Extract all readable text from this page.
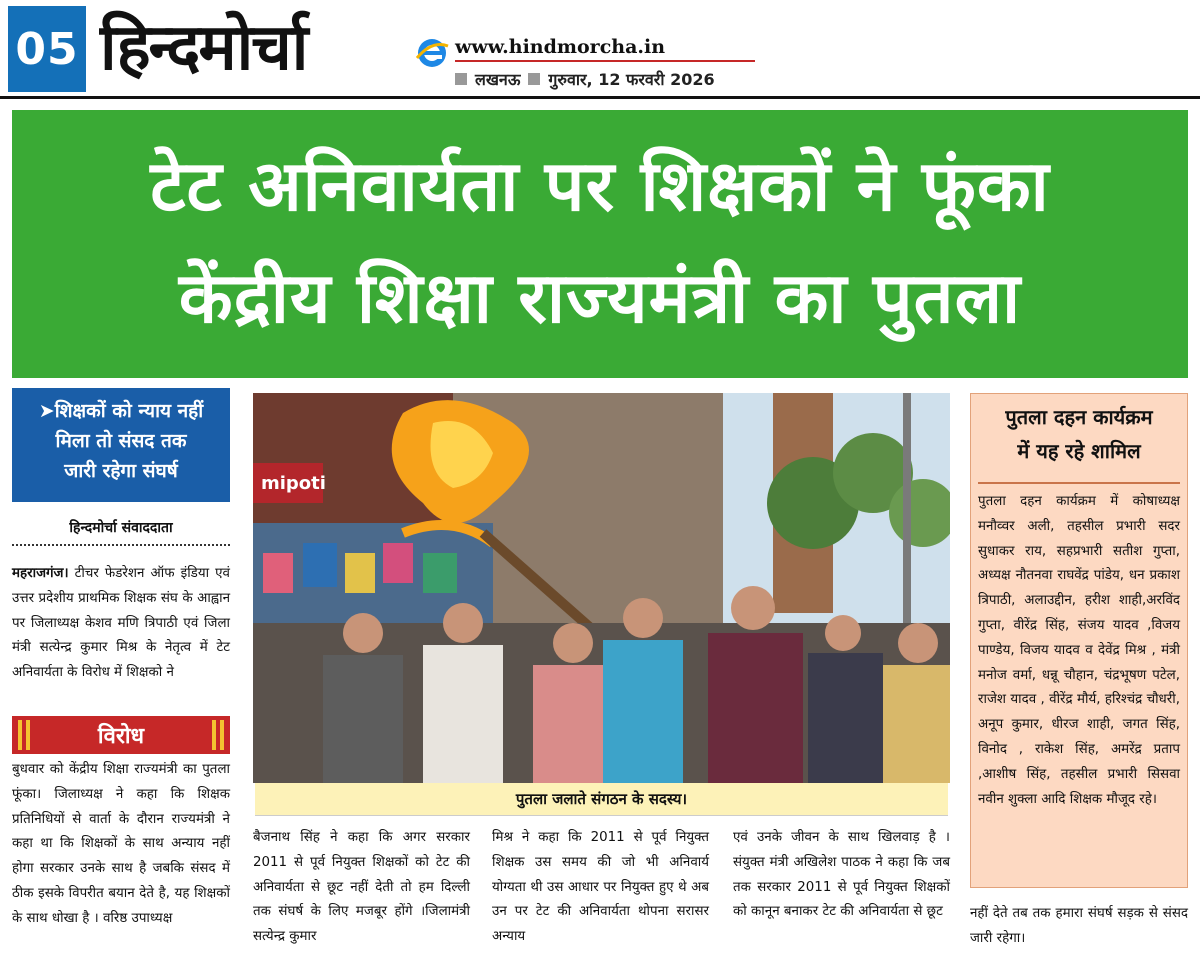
05 हिन्दमोर्चा	www.hindmorcha.in
लखनऊ गुरुवार, 12 फरवरी 2026
टेट अनिवार्यता पर शिक्षकों ने फूंका
केंद्रीय शिक्षा राज्यमंत्री का पुतला
➤शिक्षकों को न्याय नहीं
मिला तो संसद तक
जारी रहेगा संघर्ष
हिन्दमोर्चा संवाददाता
महराजगंज। टीचर फेडरेशन ऑफ इंडिया एवं उत्तर प्रदेशीय प्राथमिक शिक्षक संघ के आह्वान पर जिलाध्यक्ष केशव मणि त्रिपाठी एवं जिला मंत्री सत्येन्द्र कुमार मिश्र के नेतृत्व में टेट अनिवार्यता के विरोध में शिक्षको ने
विरोध
बुधवार को केंद्रीय शिक्षा राज्यमंत्री का पुतला फूंका। जिलाध्यक्ष ने कहा कि शिक्षक प्रतिनिधियों से वार्ता के दौरान राज्यमंत्री ने कहा था कि शिक्षकों के साथ अन्याय नहीं होगा सरकार उनके साथ है जबकि संसद में ठीक इसके विपरीत बयान देते है, यह शिक्षकों के साथ धोखा है । वरिष्ठ उपाध्यक्ष
mipoti
पुतला जलाते संगठन के सदस्य।
बैजनाथ सिंह ने कहा कि अगर सरकार 2011 से पूर्व नियुक्त शिक्षकों को टेट की अनिवार्यता से छूट नहीं देती तो हम दिल्ली तक संघर्ष के लिए मजबूर होंगे ।जिलामंत्री सत्येन्द्र कुमार
मिश्र ने कहा कि 2011 से पूर्व नियुक्त शिक्षक उस समय की जो भी अनिवार्य योग्यता थी उस आधार पर नियुक्त हुए थे अब उन पर टेट की अनिवार्यता थोपना सरासर अन्याय
एवं उनके जीवन के साथ खिलवाड़ है । संयुक्त मंत्री अखिलेश पाठक ने कहा कि जब तक सरकार 2011 से पूर्व नियुक्त शिक्षकों को कानून बनाकर टेट की अनिवार्यता से छूट
पुतला दहन कार्यक्रम
में यह रहे शामिल
पुतला दहन कार्यक्रम में कोषाध्यक्ष मनौव्वर अली, तहसील प्रभारी सदर सुधाकर राय, सहप्रभारी सतीश गुप्ता, अध्यक्ष नौतनवा राघवेंद्र पांडेय, धन प्रकाश त्रिपाठी, अलाउद्दीन, हरीश शाही,अरविंद गुप्ता, वीरेंद्र सिंह, संजय यादव ,विजय पाण्डेय, विजय यादव व देवेंद्र मिश्र , मंत्री मनोज वर्मा, धन्नू चौहान, चंद्रभूषण पटेल, राजेश यादव , वीरेंद्र मौर्य, हरिश्चंद्र चौधरी, अनूप कुमार, धीरज शाही, जगत सिंह, विनोद , राकेश सिंह, अमरेंद्र प्रताप ,आशीष सिंह, तहसील प्रभारी सिसवा नवीन शुक्ला आदि शिक्षक मौजूद रहे।
नहीं देते तब तक हमारा संघर्ष सड़क से संसद जारी रहेगा।
